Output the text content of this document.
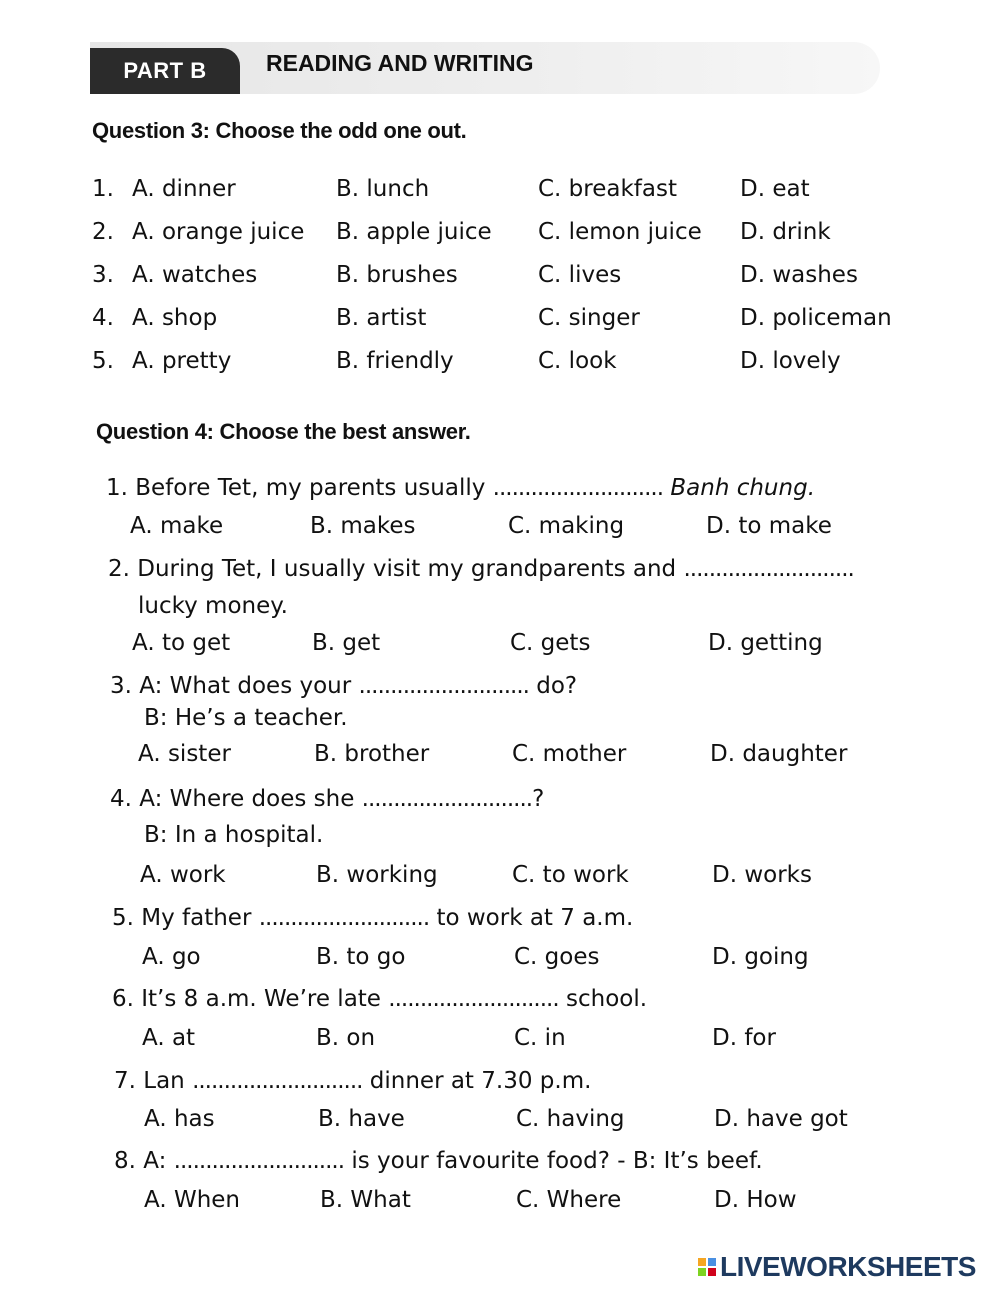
PART B	READING AND WRITING
Question 3: Choose the odd one out.
1. A. dinner	B. lunch	C. breakfast	D. eat
2. A. orange juice B. apple juice C. lemon juice D. drink
3. A. watches	B. brushes	C. lives	D. washes
4. A. shop	B. artist	C. singer	D. policeman
5. A. pretty	B. friendly	C. look	D. lovely
Question 4: Choose the best answer.
1. Before Tet, my parents usually ........................... Banh chung.
A. make	B. makes	C. making	D. to make
2. During Tet, I usually visit my grandparents and ...........................
lucky money.
A. to get	B. get	C. gets	D. getting
3. A: What does your ........................... do?
B: He’s a teacher.
A. sister	B. brother	C. mother	D. daughter
4. A: Where does she ...........................?
B: In a hospital.
A. work	B. working	C. to work	D. works
5. My father ........................... to work at 7 a.m.
A. go	B. to go	C. goes	D. going
6. It’s 8 a.m. We’re late ........................... school.
A. at	B. on	C. in	D. for
7. Lan ........................... dinner at 7.30 p.m.
A. has	B. have	C. having	D. have got
8. A: ........................... is your favourite food? - B: It’s beef.
A. When	B. What	C. Where	D. How
LIVEWORKSHEETS
